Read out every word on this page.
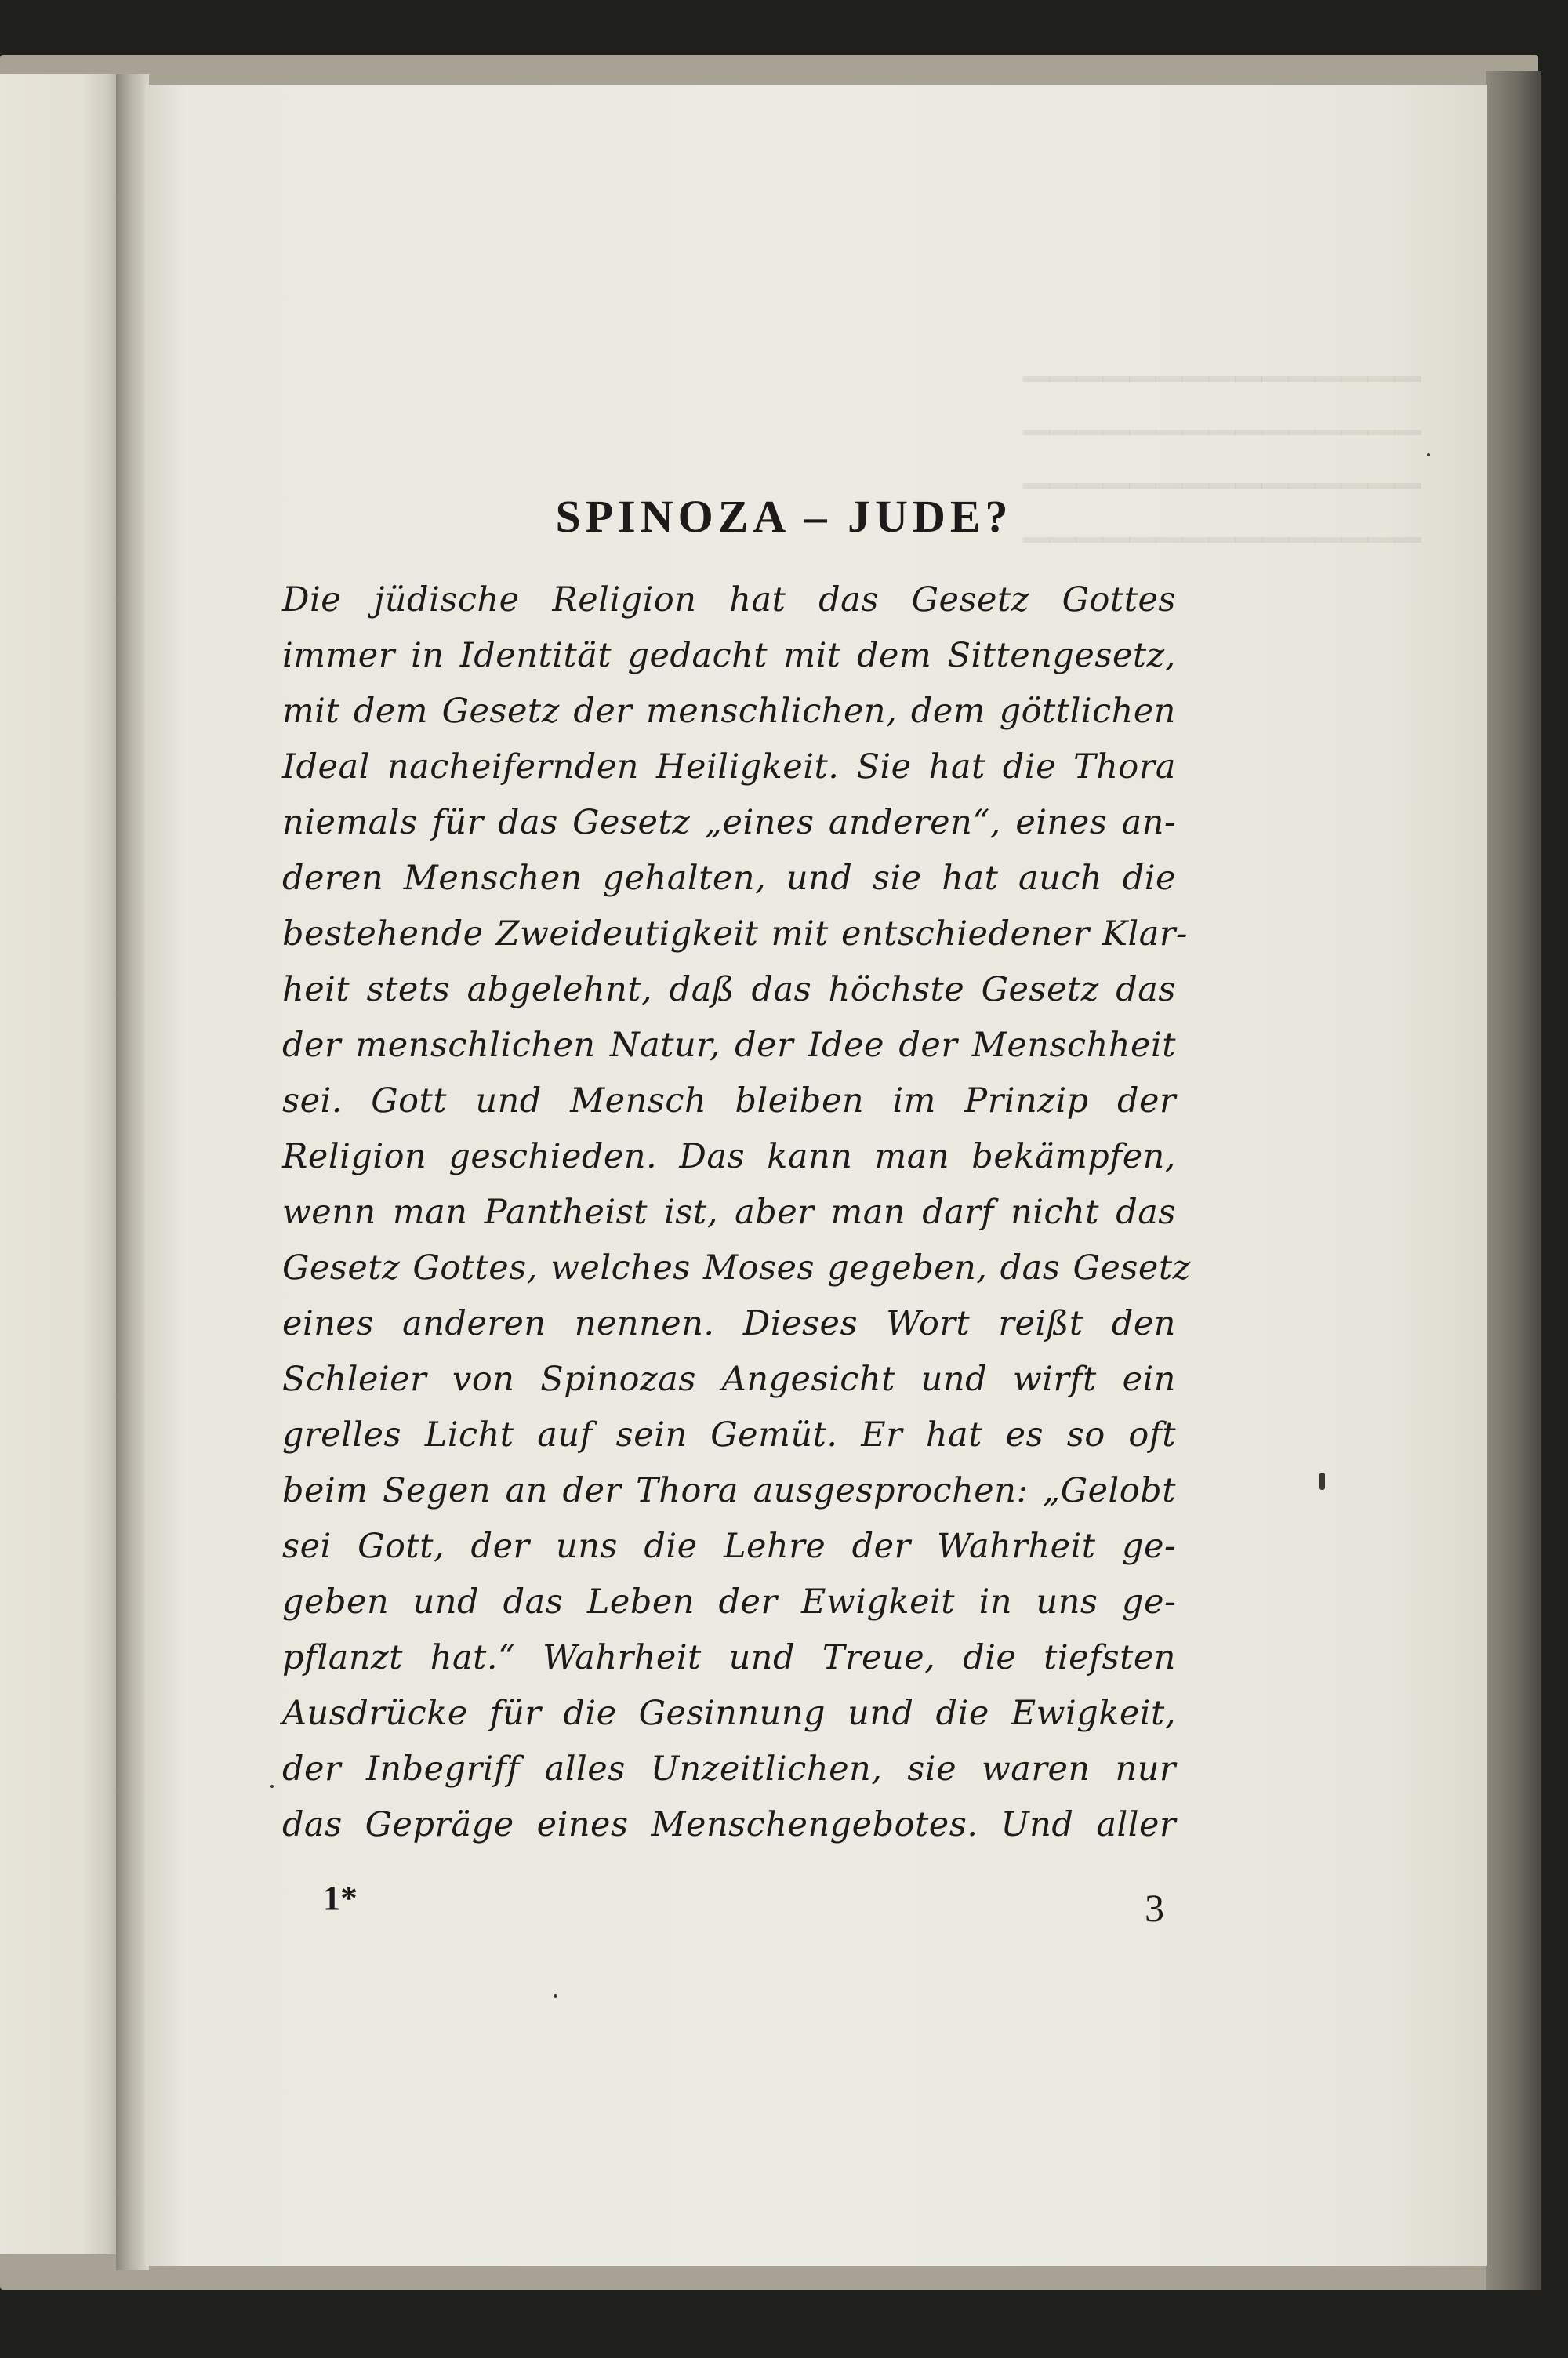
▁▁▁▁▁▁▁▁▁▁▁▁▁▁▁
▁▁▁▁▁▁▁▁▁▁▁▁▁▁▁
▁▁▁▁▁▁▁▁▁▁▁▁▁▁▁
▁▁▁▁▁▁▁▁▁▁▁▁▁▁▁
SPINOZA – JUDE?
Die jüdische Religion hat das Gesetz Gottes
immer in Identität gedacht mit dem Sittengesetz,
mit dem Gesetz der menschlichen, dem göttlichen
Ideal nacheifernden Heiligkeit. Sie hat die Thora
niemals für das Gesetz „eines anderen“, eines an-
deren Menschen gehalten, und sie hat auch die
bestehende Zweideutigkeit mit entschiedener Klar-
heit stets abgelehnt, daß das höchste Gesetz das
der menschlichen Natur, der Idee der Menschheit
sei. Gott und Mensch bleiben im Prinzip der
Religion geschieden. Das kann man bekämpfen,
wenn man Pantheist ist, aber man darf nicht das
Gesetz Gottes, welches Moses gegeben, das Gesetz
eines anderen nennen. Dieses Wort reißt den
Schleier von Spinozas Angesicht und wirft ein
grelles Licht auf sein Gemüt. Er hat es so oft
beim Segen an der Thora ausgesprochen: „Gelobt
sei Gott, der uns die Lehre der Wahrheit ge-
geben und das Leben der Ewigkeit in uns ge-
pflanzt hat.“ Wahrheit und Treue, die tiefsten
Ausdrücke für die Gesinnung und die Ewigkeit,
der Inbegriff alles Unzeitlichen, sie waren nur
das Gepräge eines Menschengebotes. Und aller
1*	3
